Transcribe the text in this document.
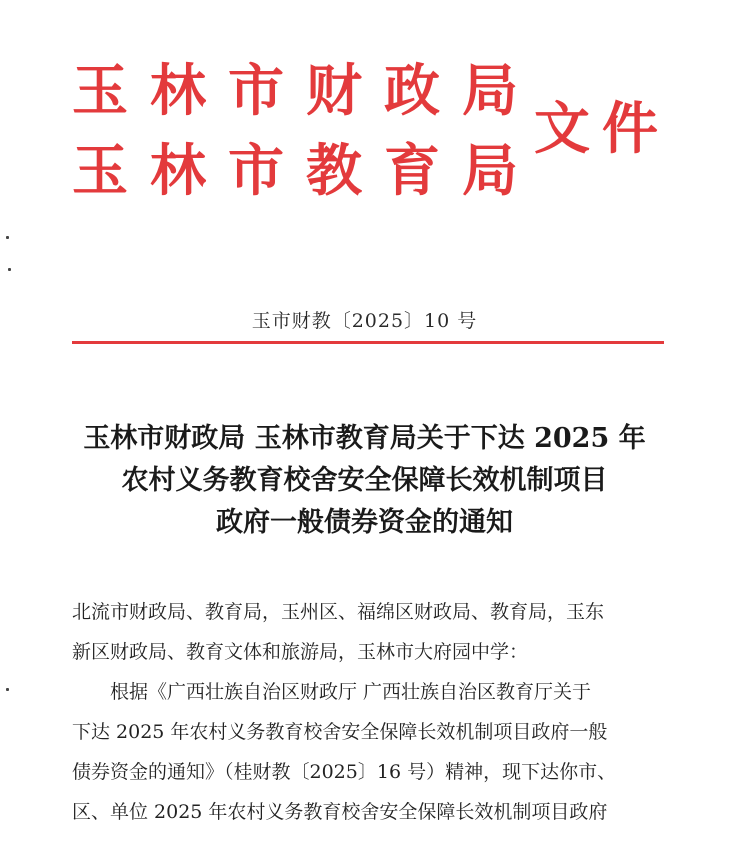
玉林市财政局
玉林市教育局
文件
玉市财教〔2025〕10 号
玉林市财政局 玉林市教育局关于下达 2025 年
农村义务教育校舍安全保障长效机制项目
政府一般债券资金的通知
北流市财政局、教育局，玉州区、福绵区财政局、教育局，玉东
新区财政局、教育文体和旅游局，玉林市大府园中学：
根据《广西壮族自治区财政厅 广西壮族自治区教育厅关于
下达 2025 年农村义务教育校舍安全保障长效机制项目政府一般
债券资金的通知》（桂财教〔2025〕16 号）精神，现下达你市、
区、单位 2025 年农村义务教育校舍安全保障长效机制项目政府
